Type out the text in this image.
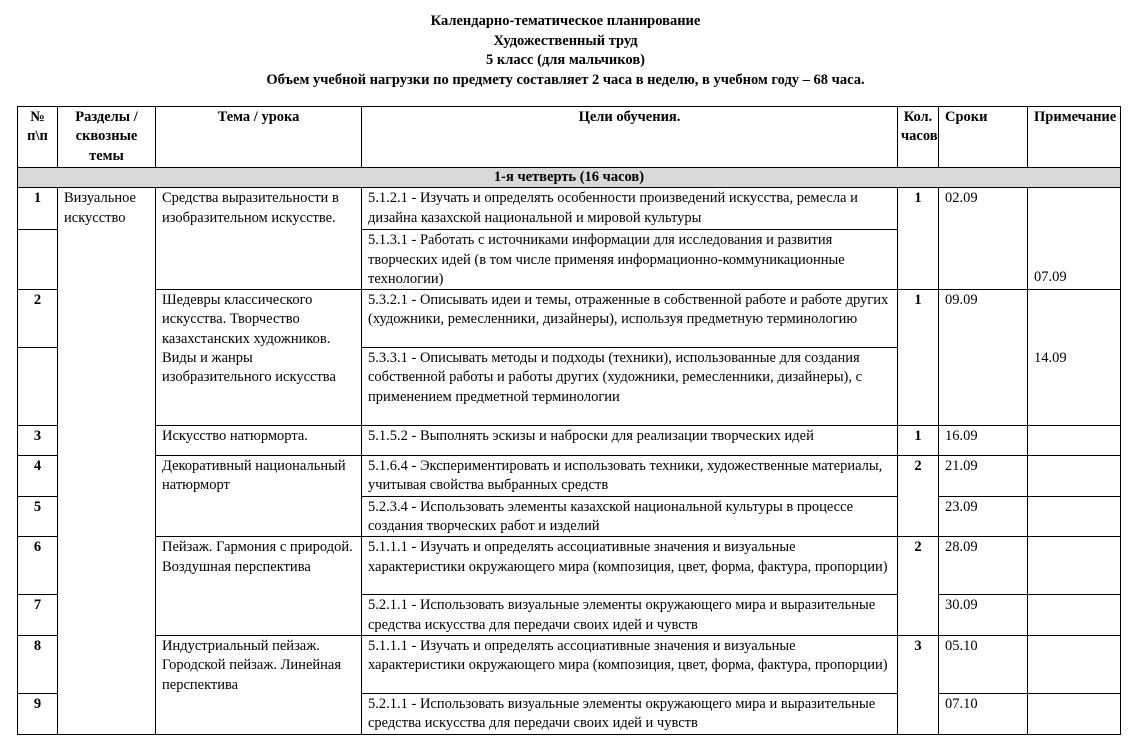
Календарно-тематическое планирование
Художественный труд
5 класс (для мальчиков)
Объем учебной нагрузки по предмету составляет 2 часа в неделю, в учебном году – 68 часа.
№ п\п	Разделы / сквозные темы	Тема / урока	Цели обучения.	Кол. часов	Сроки	Примечание
1-я четверть (16 часов)						
1	Визуальное искусство	Средства выразительности в изобразительном искусстве.	5.1.2.1 - Изучать и определять особенности произведений искусства, ремесла и дизайна казахской национальной и мировой культуры	1	02.09	07.09
			5.1.3.1 - Работать с источниками информации для исследования и развития творческих идей (в том числе применяя информационно-коммуникационные технологии)			
2		Шедевры классического искусства. Творчество казахстанских художников. Виды и жанры изобразительного искусства	5.3.2.1 - Описывать идеи и темы, отраженные в собственной работе и работе других (художники, ремесленники, дизайнеры), используя предметную терминологию	1	09.09	14.09
			5.3.3.1 - Описывать методы и подходы (техники), использованные для создания собственной работы и работы других (художники, ремесленники, дизайнеры), с применением предметной терминологии			
3		Искусство натюрморта.	5.1.5.2 - Выполнять эскизы и наброски для реализации творческих идей	1	16.09	
4		Декоративный национальный натюрморт	5.1.6.4 - Экспериментировать и использовать техники, художественные материалы, учитывая свойства выбранных средств	2	21.09	
5			5.2.3.4 - Использовать элементы казахской национальной культуры в процессе создания творческих работ и изделий		23.09	
6		Пейзаж. Гармония с природой. Воздушная перспектива	5.1.1.1 - Изучать и определять ассоциативные значения и визуальные характеристики окружающего мира (композиция, цвет, форма, фактура, пропорции)	2	28.09	
7			5.2.1.1 - Использовать визуальные элементы окружающего мира и выразительные средства искусства для передачи своих идей и чувств		30.09	
8		Индустриальный пейзаж. Городской пейзаж. Линейная перспектива	5.1.1.1 - Изучать и определять ассоциативные значения и визуальные характеристики окружающего мира (композиция, цвет, форма, фактура, пропорции)	3	05.10	
9			5.2.1.1 - Использовать визуальные элементы окружающего мира и выразительные средства искусства для передачи своих идей и чувств		07.10	
